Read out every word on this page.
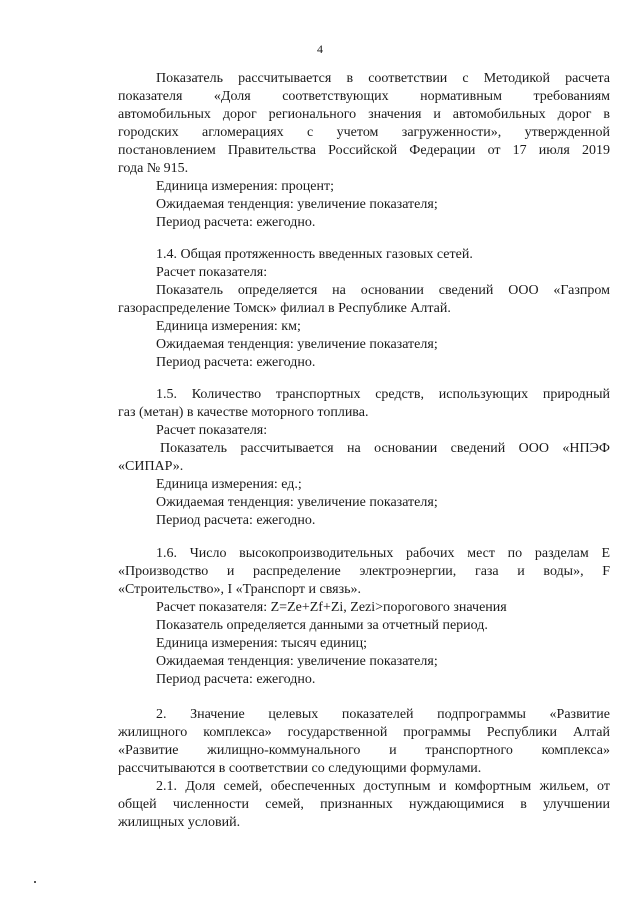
4
Показатель рассчитывается в соответствии с Методикой расчета
показателя «Доля соответствующих нормативным требованиям
автомобильных дорог регионального значения и автомобильных дорог в
городских агломерациях с учетом загруженности», утвержденной
постановлением Правительства Российской Федерации от 17 июля 2019
года № 915.
Единица измерения: процент;
Ожидаемая тенденция: увеличение показателя;
Период расчета: ежегодно.
1.4. Общая протяженность введенных газовых сетей.
Расчет показателя:
Показатель определяется на основании сведений ООО «Газпром
газораспределение Томск» филиал в Республике Алтай.
Единица измерения: км;
Ожидаемая тенденция: увеличение показателя;
Период расчета: ежегодно.
1.5. Количество транспортных средств, использующих природный
газ (метан) в качестве моторного топлива.
Расчет показателя:
Показатель рассчитывается на основании сведений ООО «НПЭФ
«СИПАР».
Единица измерения: ед.;
Ожидаемая тенденция: увеличение показателя;
Период расчета: ежегодно.
1.6. Число высокопроизводительных рабочих мест по разделам Е
«Производство и распределение электроэнергии, газа и воды», F
«Строительство», I «Транспорт и связь».
Расчет показателя: Z=Ze+Zf+Zi, Zezi>порогового значения
Показатель определяется данными за отчетный период.
Единица измерения: тысяч единиц;
Ожидаемая тенденция: увеличение показателя;
Период расчета: ежегодно.
2. Значение целевых показателей подпрограммы «Развитие
жилищного комплекса» государственной программы Республики Алтай
«Развитие жилищно-коммунального и транспортного комплекса»
рассчитываются в соответствии со следующими формулами.
2.1. Доля семей, обеспеченных доступным и комфортным жильем, от
общей численности семей, признанных нуждающимися в улучшении
жилищных условий.
